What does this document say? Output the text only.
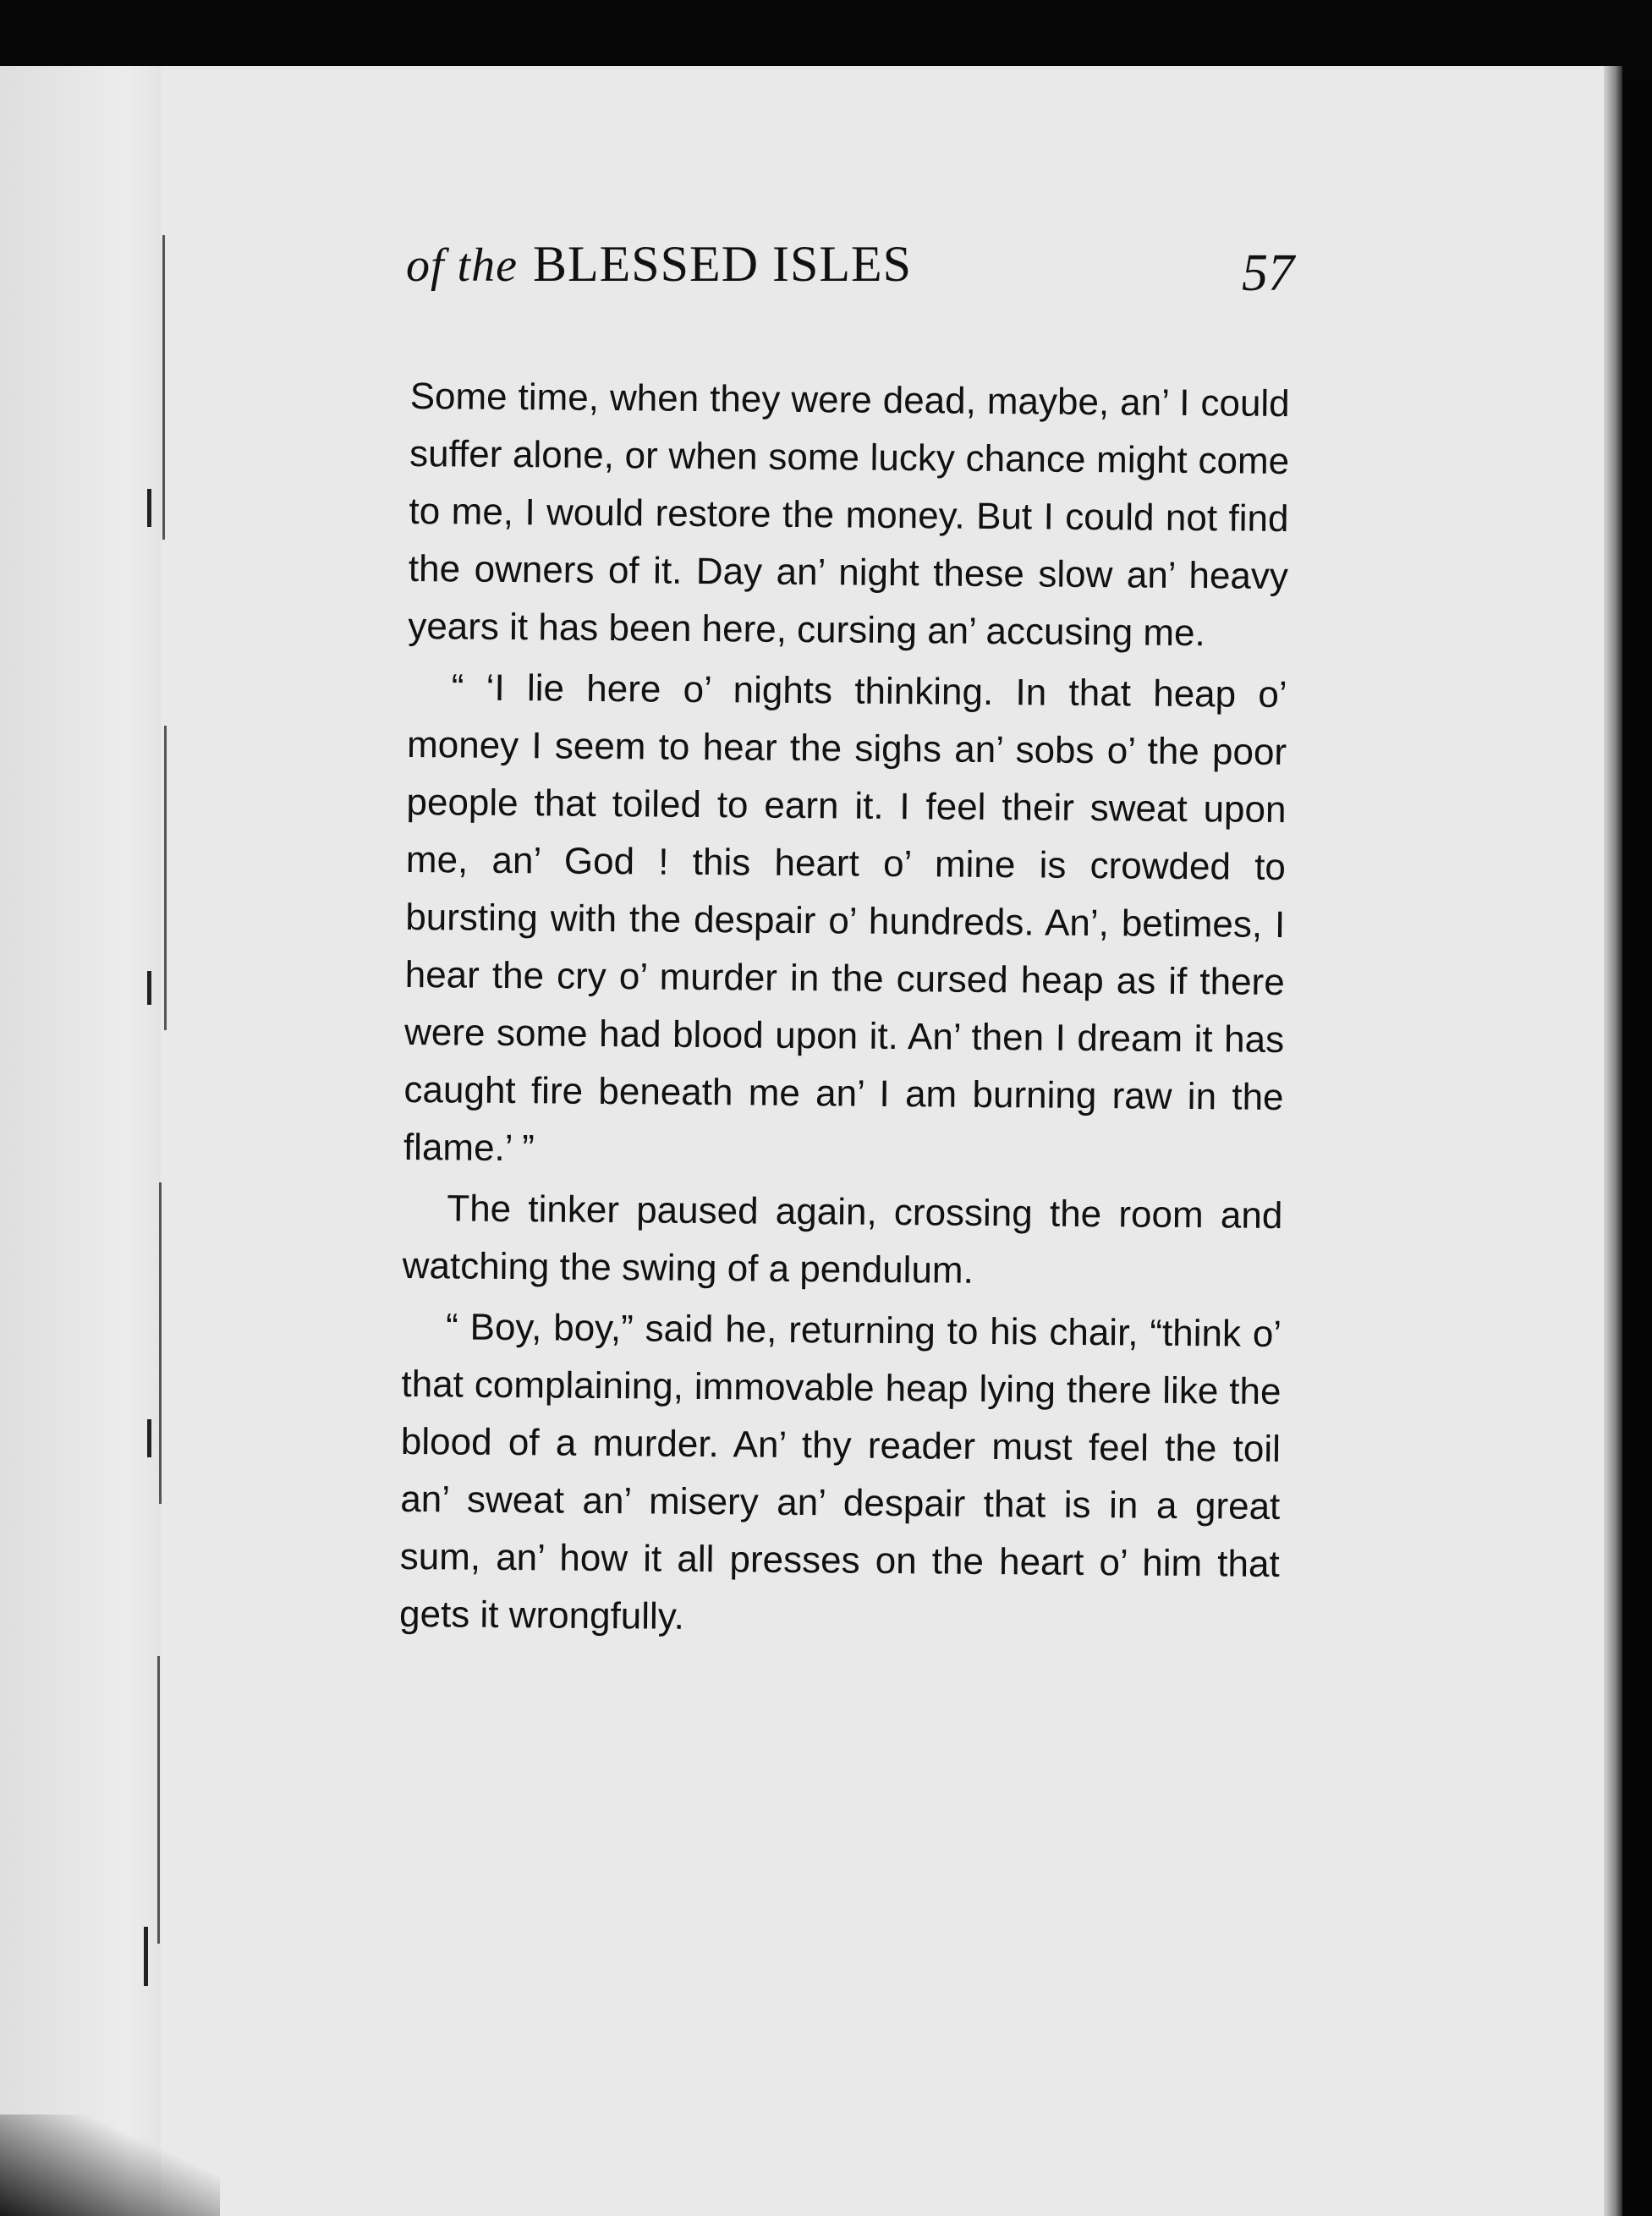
of the BLESSED ISLES	57

Some time, when they were dead, maybe, an’ I could suffer alone, or when some lucky chance might come to me, I would restore the money. But I could not find the owners of it. Day an’ night these slow an’ heavy years it has been here, cursing an’ accusing me.

“ ‘I lie here o’ nights thinking. In that heap o’ money I seem to hear the sighs an’ sobs o’ the poor people that toiled to earn it. I feel their sweat upon me, an’ God ! this heart o’ mine is crowded to bursting with the despair o’ hundreds. An’, betimes, I hear the cry o’ murder in the cursed heap as if there were some had blood upon it. An’ then I dream it has caught fire beneath me an’ I am burning raw in the flame.’ ”

The tinker paused again, crossing the room and watching the swing of a pendulum.

“ Boy, boy,” said he, returning to his chair, “think o’ that complaining, immovable heap lying there like the blood of a murder. An’ thy reader must feel the toil an’ sweat an’ misery an’ despair that is in a great sum, an’ how it all presses on the heart o’ him that gets it wrongfully.
